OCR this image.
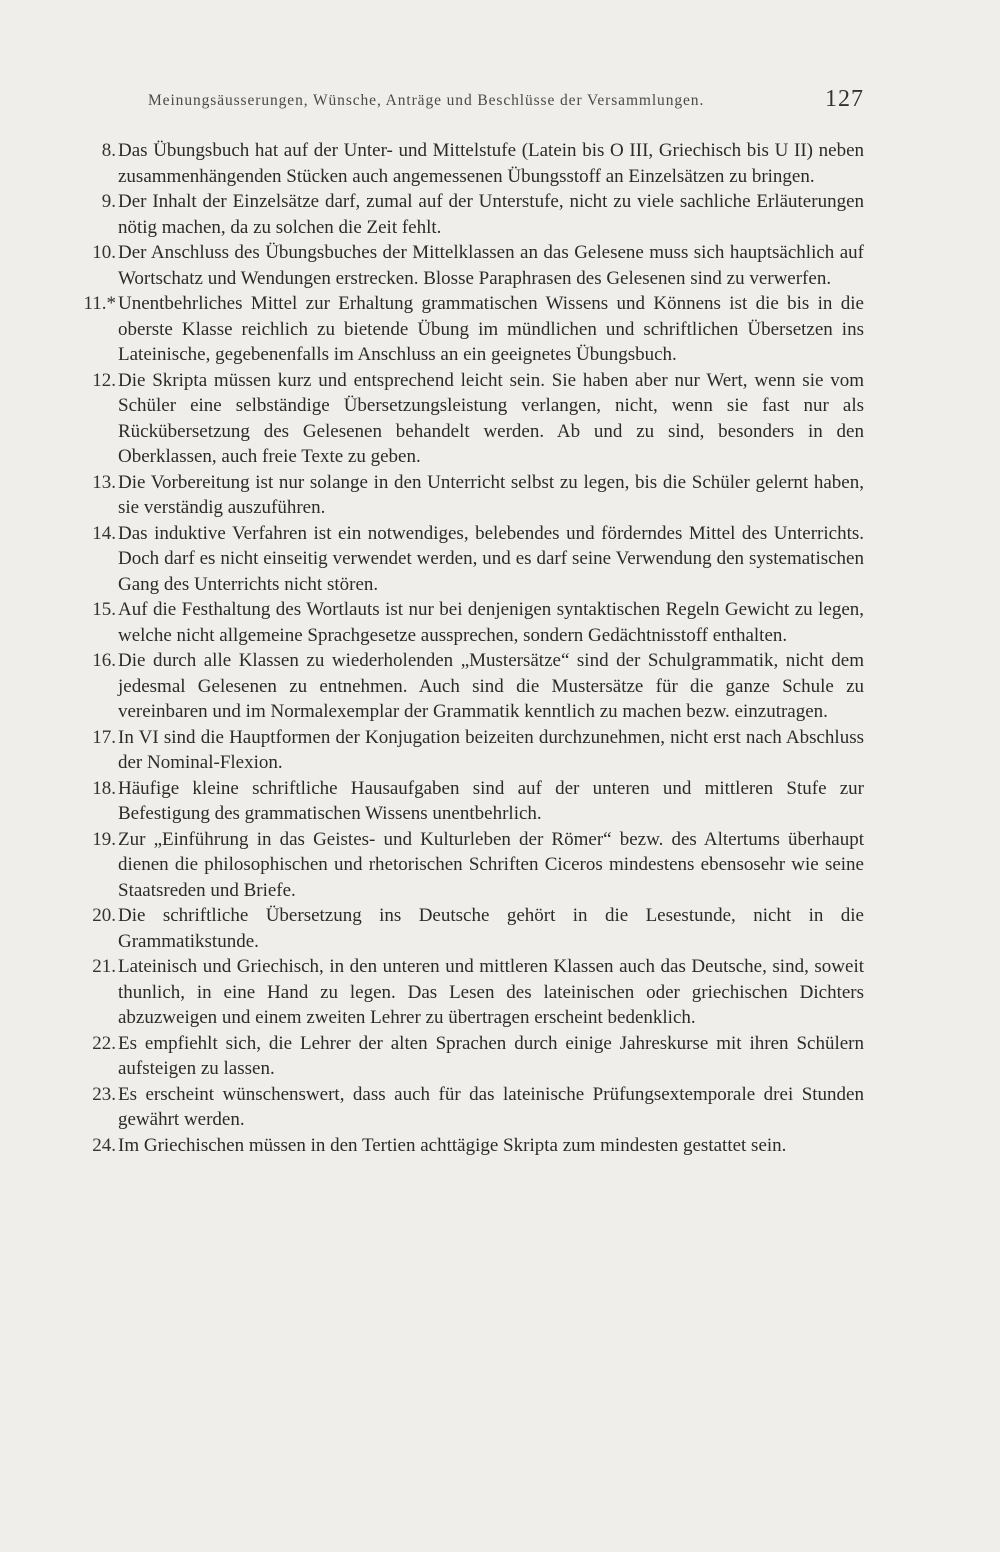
Meinungsäusserungen, Wünsche, Anträge und Beschlüsse der Versammlungen.	127
8. Das Übungsbuch hat auf der Unter- und Mittelstufe (Latein bis O III, Griechisch bis U II) neben zusammenhängenden Stücken auch angemessenen Übungsstoff an Einzelsätzen zu bringen.
9. Der Inhalt der Einzelsätze darf, zumal auf der Unterstufe, nicht zu viele sachliche Erläuterungen nötig machen, da zu solchen die Zeit fehlt.
10. Der Anschluss des Übungsbuches der Mittelklassen an das Gelesene muss sich hauptsächlich auf Wortschatz und Wendungen erstrecken. Blosse Paraphrasen des Gelesenen sind zu verwerfen.
11.* Unentbehrliches Mittel zur Erhaltung grammatischen Wissens und Könnens ist die bis in die oberste Klasse reichlich zu bietende Übung im mündlichen und schriftlichen Übersetzen ins Lateinische, gegebenenfalls im Anschluss an ein geeignetes Übungsbuch.
12. Die Skripta müssen kurz und entsprechend leicht sein. Sie haben aber nur Wert, wenn sie vom Schüler eine selbständige Übersetzungsleistung verlangen, nicht, wenn sie fast nur als Rückübersetzung des Gelesenen behandelt werden. Ab und zu sind, besonders in den Oberklassen, auch freie Texte zu geben.
13. Die Vorbereitung ist nur solange in den Unterricht selbst zu legen, bis die Schüler gelernt haben, sie verständig auszuführen.
14. Das induktive Verfahren ist ein notwendiges, belebendes und förderndes Mittel des Unterrichts. Doch darf es nicht einseitig verwendet werden, und es darf seine Verwendung den systematischen Gang des Unterrichts nicht stören.
15. Auf die Festhaltung des Wortlauts ist nur bei denjenigen syntaktischen Regeln Gewicht zu legen, welche nicht allgemeine Sprachgesetze aussprechen, sondern Gedächtnisstoff enthalten.
16. Die durch alle Klassen zu wiederholenden „Mustersätze“ sind der Schulgrammatik, nicht dem jedesmal Gelesenen zu entnehmen. Auch sind die Mustersätze für die ganze Schule zu vereinbaren und im Normalexemplar der Grammatik kenntlich zu machen bezw. einzutragen.
17. In VI sind die Hauptformen der Konjugation beizeiten durchzunehmen, nicht erst nach Abschluss der Nominal-Flexion.
18. Häufige kleine schriftliche Hausaufgaben sind auf der unteren und mittleren Stufe zur Befestigung des grammatischen Wissens unentbehrlich.
19. Zur „Einführung in das Geistes- und Kulturleben der Römer“ bezw. des Altertums überhaupt dienen die philosophischen und rhetorischen Schriften Ciceros mindestens ebensosehr wie seine Staatsreden und Briefe.
20. Die schriftliche Übersetzung ins Deutsche gehört in die Lesestunde, nicht in die Grammatikstunde.
21. Lateinisch und Griechisch, in den unteren und mittleren Klassen auch das Deutsche, sind, soweit thunlich, in eine Hand zu legen. Das Lesen des lateinischen oder griechischen Dichters abzuzweigen und einem zweiten Lehrer zu übertragen erscheint bedenklich.
22. Es empfiehlt sich, die Lehrer der alten Sprachen durch einige Jahreskurse mit ihren Schülern aufsteigen zu lassen.
23. Es erscheint wünschenswert, dass auch für das lateinische Prüfungsextemporale drei Stunden gewährt werden.
24. Im Griechischen müssen in den Tertien achttägige Skripta zum mindesten gestattet sein.
